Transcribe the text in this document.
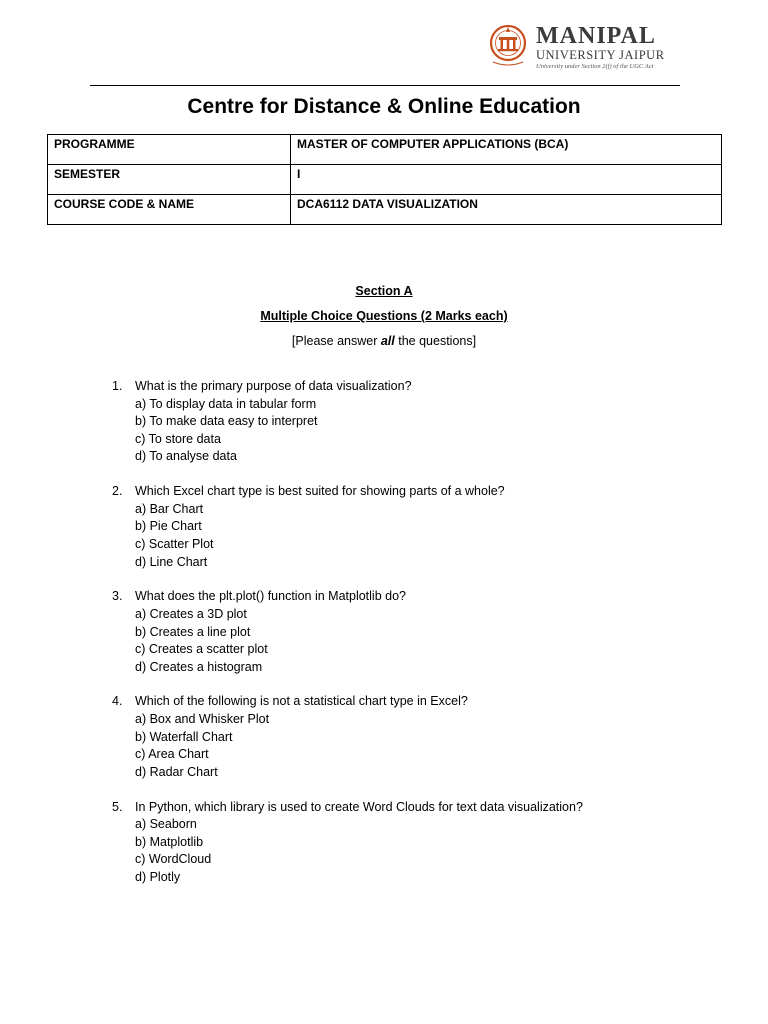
MANIPAL
UNIVERSITY JAIPUR
University under Section 2(f) of the UGC Act
Centre for Distance & Online Education
PROGRAMME	MASTER OF COMPUTER APPLICATIONS (BCA)
SEMESTER	I
COURSE CODE & NAME	DCA6112 DATA VISUALIZATION
Section A
Multiple Choice Questions (2 Marks each)
[Please answer all the questions]
1.	What is the primary purpose of data visualization?
a) To display data in tabular form
b) To make data easy to interpret
c) To store data
d) To analyse data
2.	Which Excel chart type is best suited for showing parts of a whole?
a) Bar Chart
b) Pie Chart
c) Scatter Plot
d) Line Chart
3.	What does the plt.plot() function in Matplotlib do?
a) Creates a 3D plot
b) Creates a line plot
c) Creates a scatter plot
d) Creates a histogram
4.	Which of the following is not a statistical chart type in Excel?
a) Box and Whisker Plot
b) Waterfall Chart
c) Area Chart
d) Radar Chart
5.	In Python, which library is used to create Word Clouds for text data visualization?
a) Seaborn
b) Matplotlib
c) WordCloud
d) Plotly
